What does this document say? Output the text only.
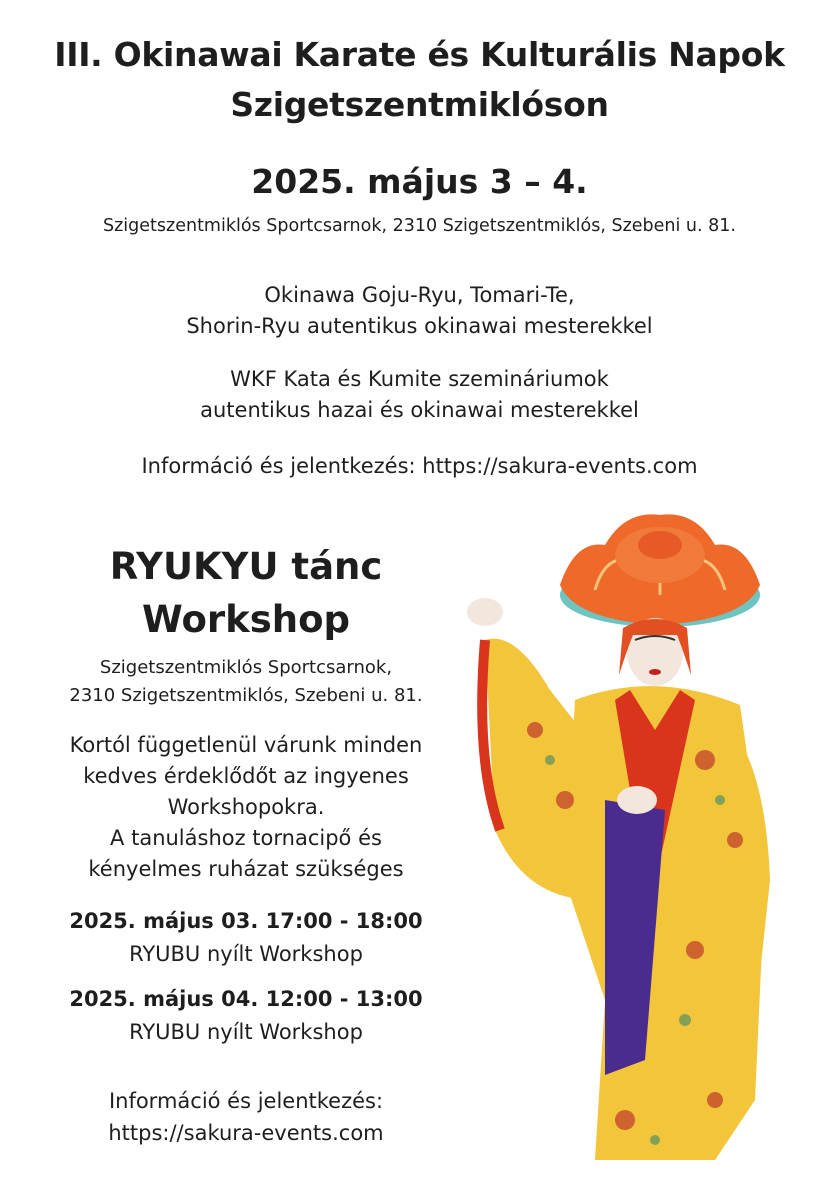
III. Okinawai Karate és Kulturális Napok
Szigetszentmiklóson
2025. május 3 – 4.
Szigetszentmiklós Sportcsarnok, 2310 Szigetszentmiklós, Szebeni u. 81.
Okinawa Goju-Ryu, Tomari-Te,
Shorin-Ryu autentikus okinawai mesterekkel
WKF Kata és Kumite szemináriumok
autentikus hazai és okinawai mesterekkel
Információ és jelentkezés: https://sakura-events.com
RYUKYU tánc
Workshop
Szigetszentmiklós Sportcsarnok,
2310 Szigetszentmiklós, Szebeni u. 81.
Kortól függetlenül várunk minden
kedves érdeklődőt az ingyenes
Workshopokra.
A tanuláshoz tornacipő és
kényelmes ruházat szükséges
2025. május 03. 17:00 - 18:00
RYUBU nyílt Workshop
2025. május 04. 12:00 - 13:00
RYUBU nyílt Workshop
Információ és jelentkezés:
https://sakura-events.com
